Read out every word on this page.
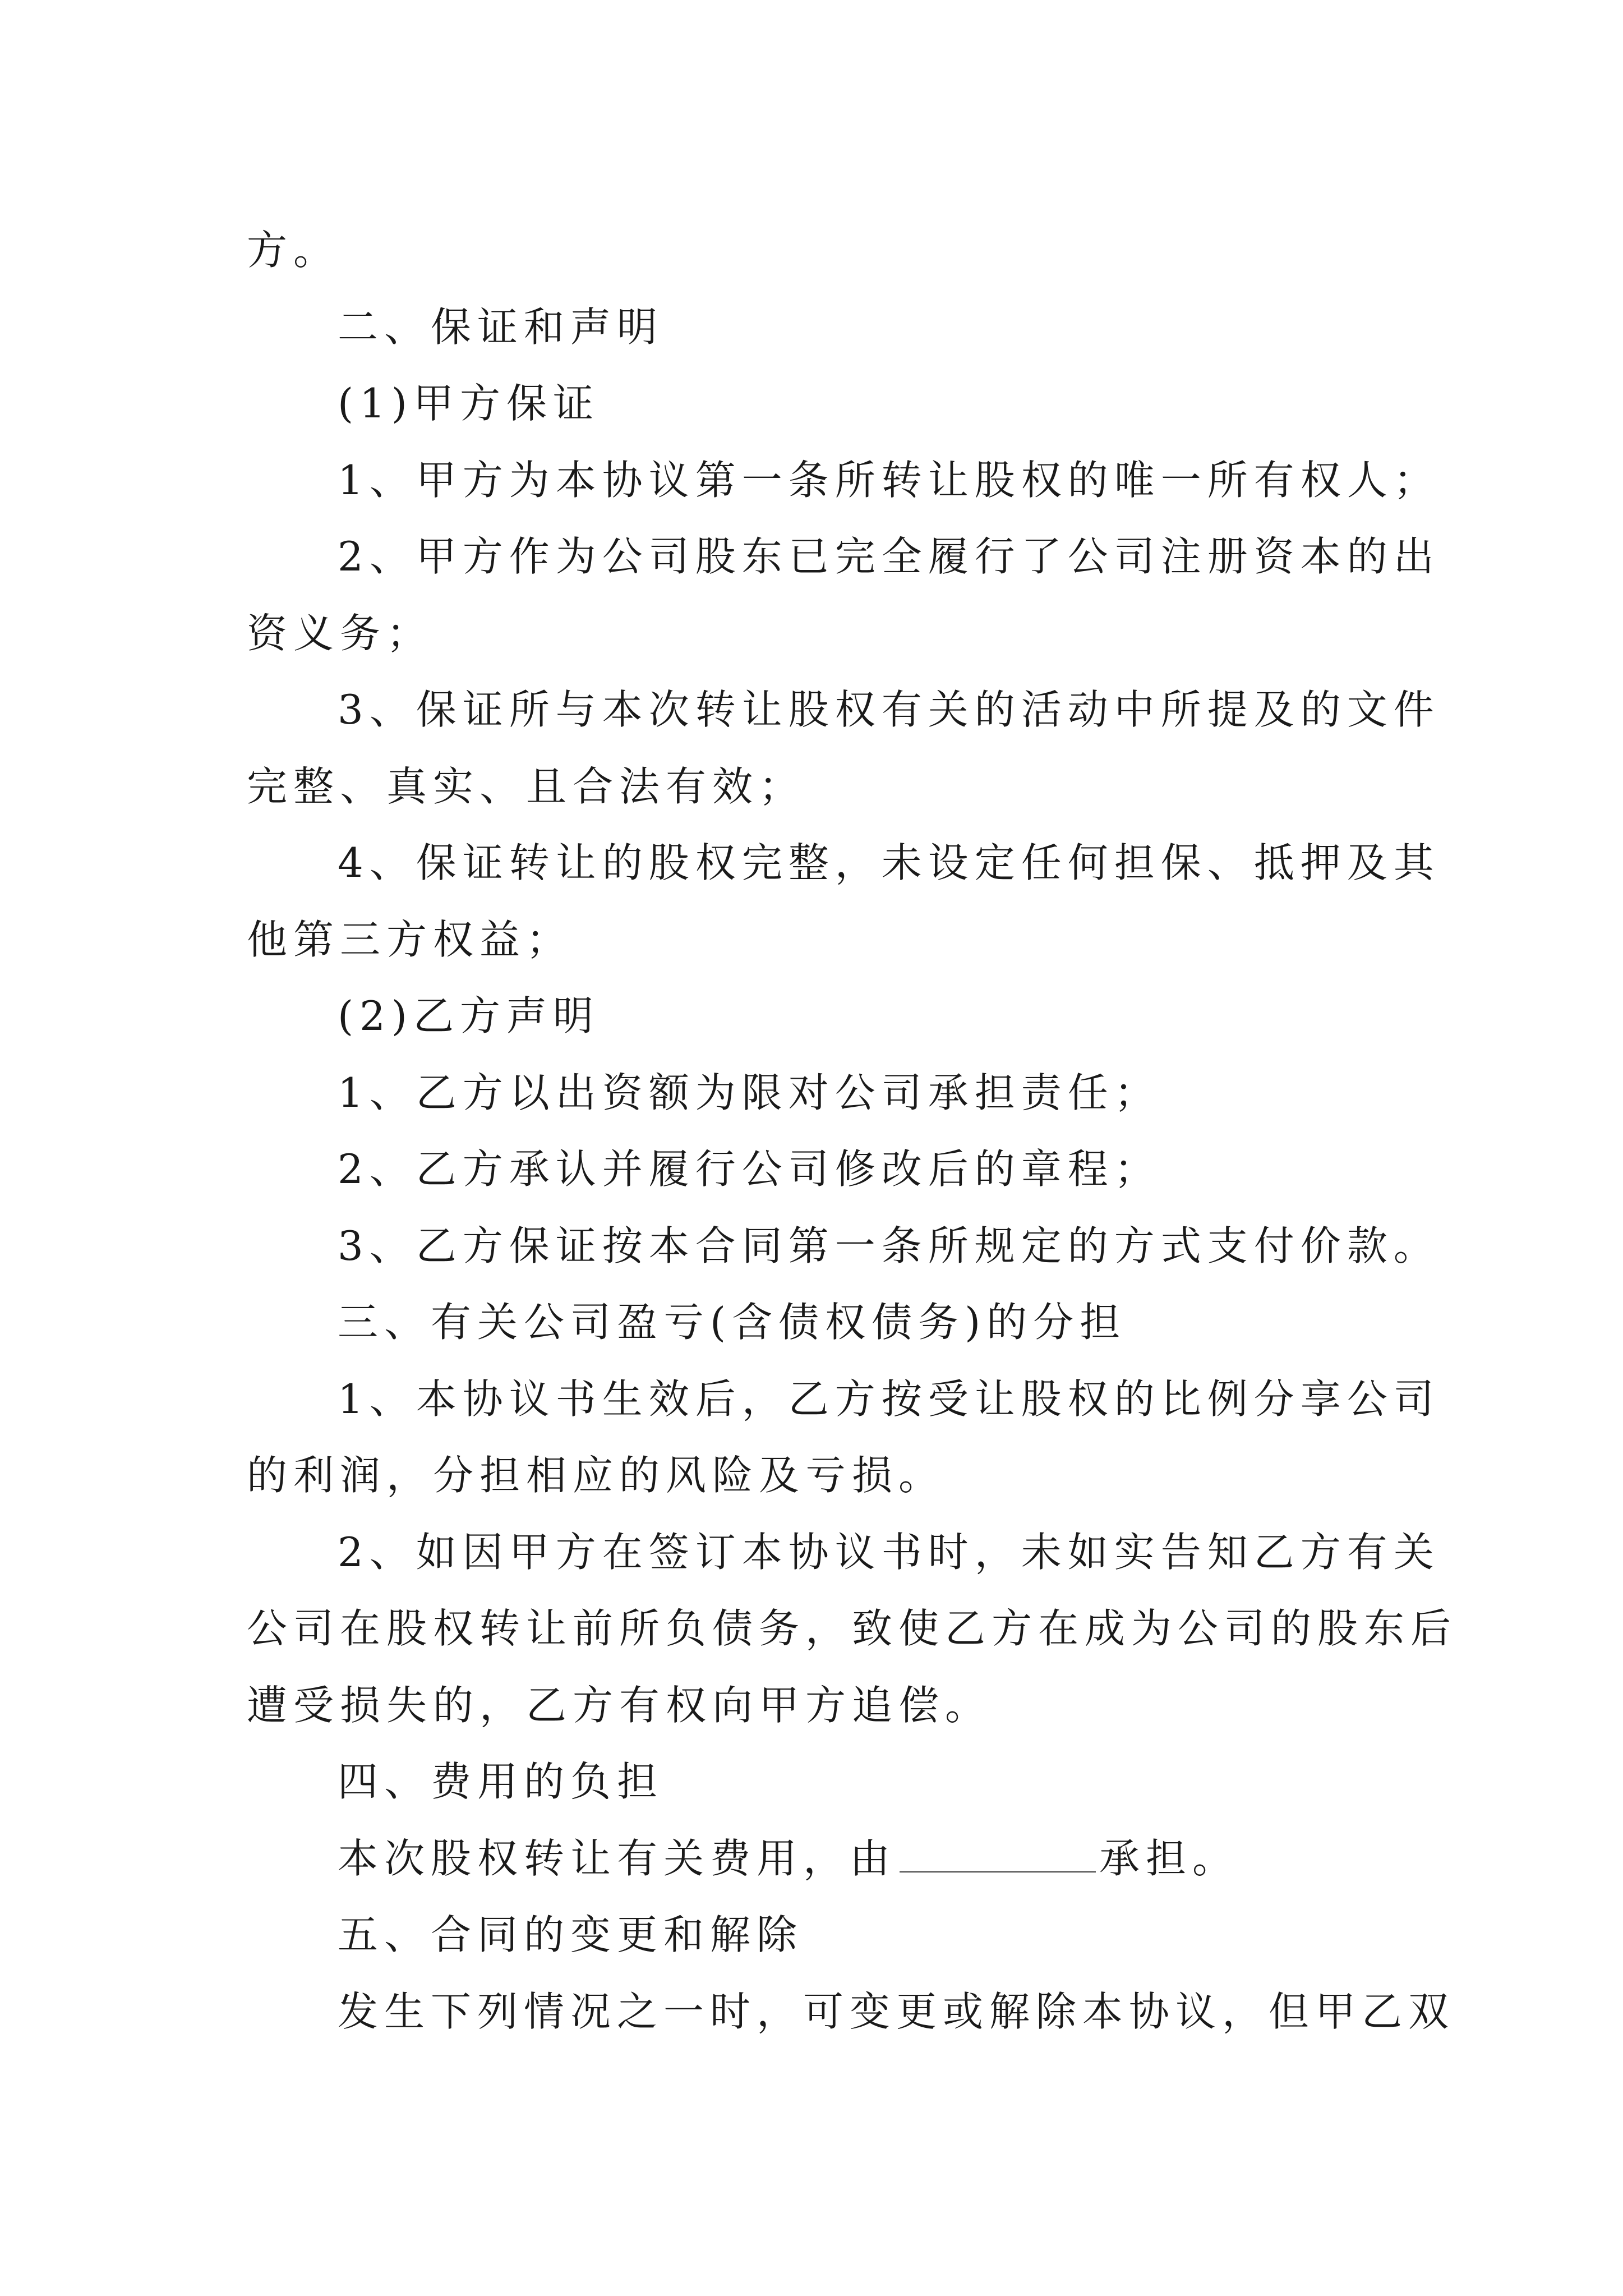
方。
二、保证和声明
(1)甲方保证
1、甲方为本协议第一条所转让股权的唯一所有权人；
2、甲方作为公司股东已完全履行了公司注册资本的出
资义务；
3、保证所与本次转让股权有关的活动中所提及的文件
完整、真实、且合法有效；
4、保证转让的股权完整，未设定任何担保、抵押及其
他第三方权益；
(2)乙方声明
1、乙方以出资额为限对公司承担责任；
2、乙方承认并履行公司修改后的章程；
3、乙方保证按本合同第一条所规定的方式支付价款。
三、有关公司盈亏(含债权债务)的分担
1、本协议书生效后，乙方按受让股权的比例分享公司
的利润，分担相应的风险及亏损。
2、如因甲方在签订本协议书时，未如实告知乙方有关
公司在股权转让前所负债务，致使乙方在成为公司的股东后
遭受损失的，乙方有权向甲方追偿。
四、费用的负担
本次股权转让有关费用，由	承担。
五、合同的变更和解除
发生下列情况之一时，可变更或解除本协议，但甲乙双
